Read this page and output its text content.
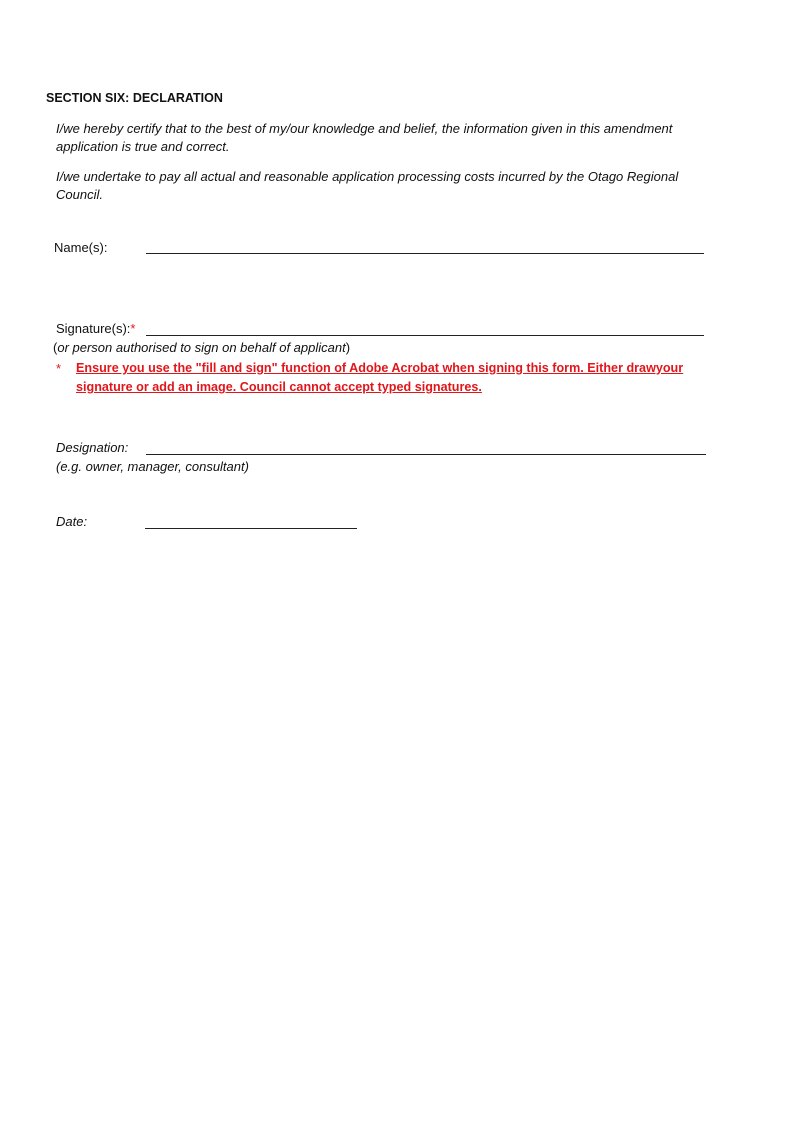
SECTION SIX: DECLARATION
I/we hereby certify that to the best of my/our knowledge and belief, the information given in this amendment
application is true and correct.
I/we undertake to pay all actual and reasonable application processing costs incurred by the Otago Regional
Council.
Name(s):
Signature(s):*
(or person authorised to sign on behalf of applicant)
* Ensure you use the "fill and sign" function of Adobe Acrobat when signing this form. Either drawyour
signature or add an image. Council cannot accept typed signatures.
Designation:
(e.g. owner, manager, consultant)
Date:
